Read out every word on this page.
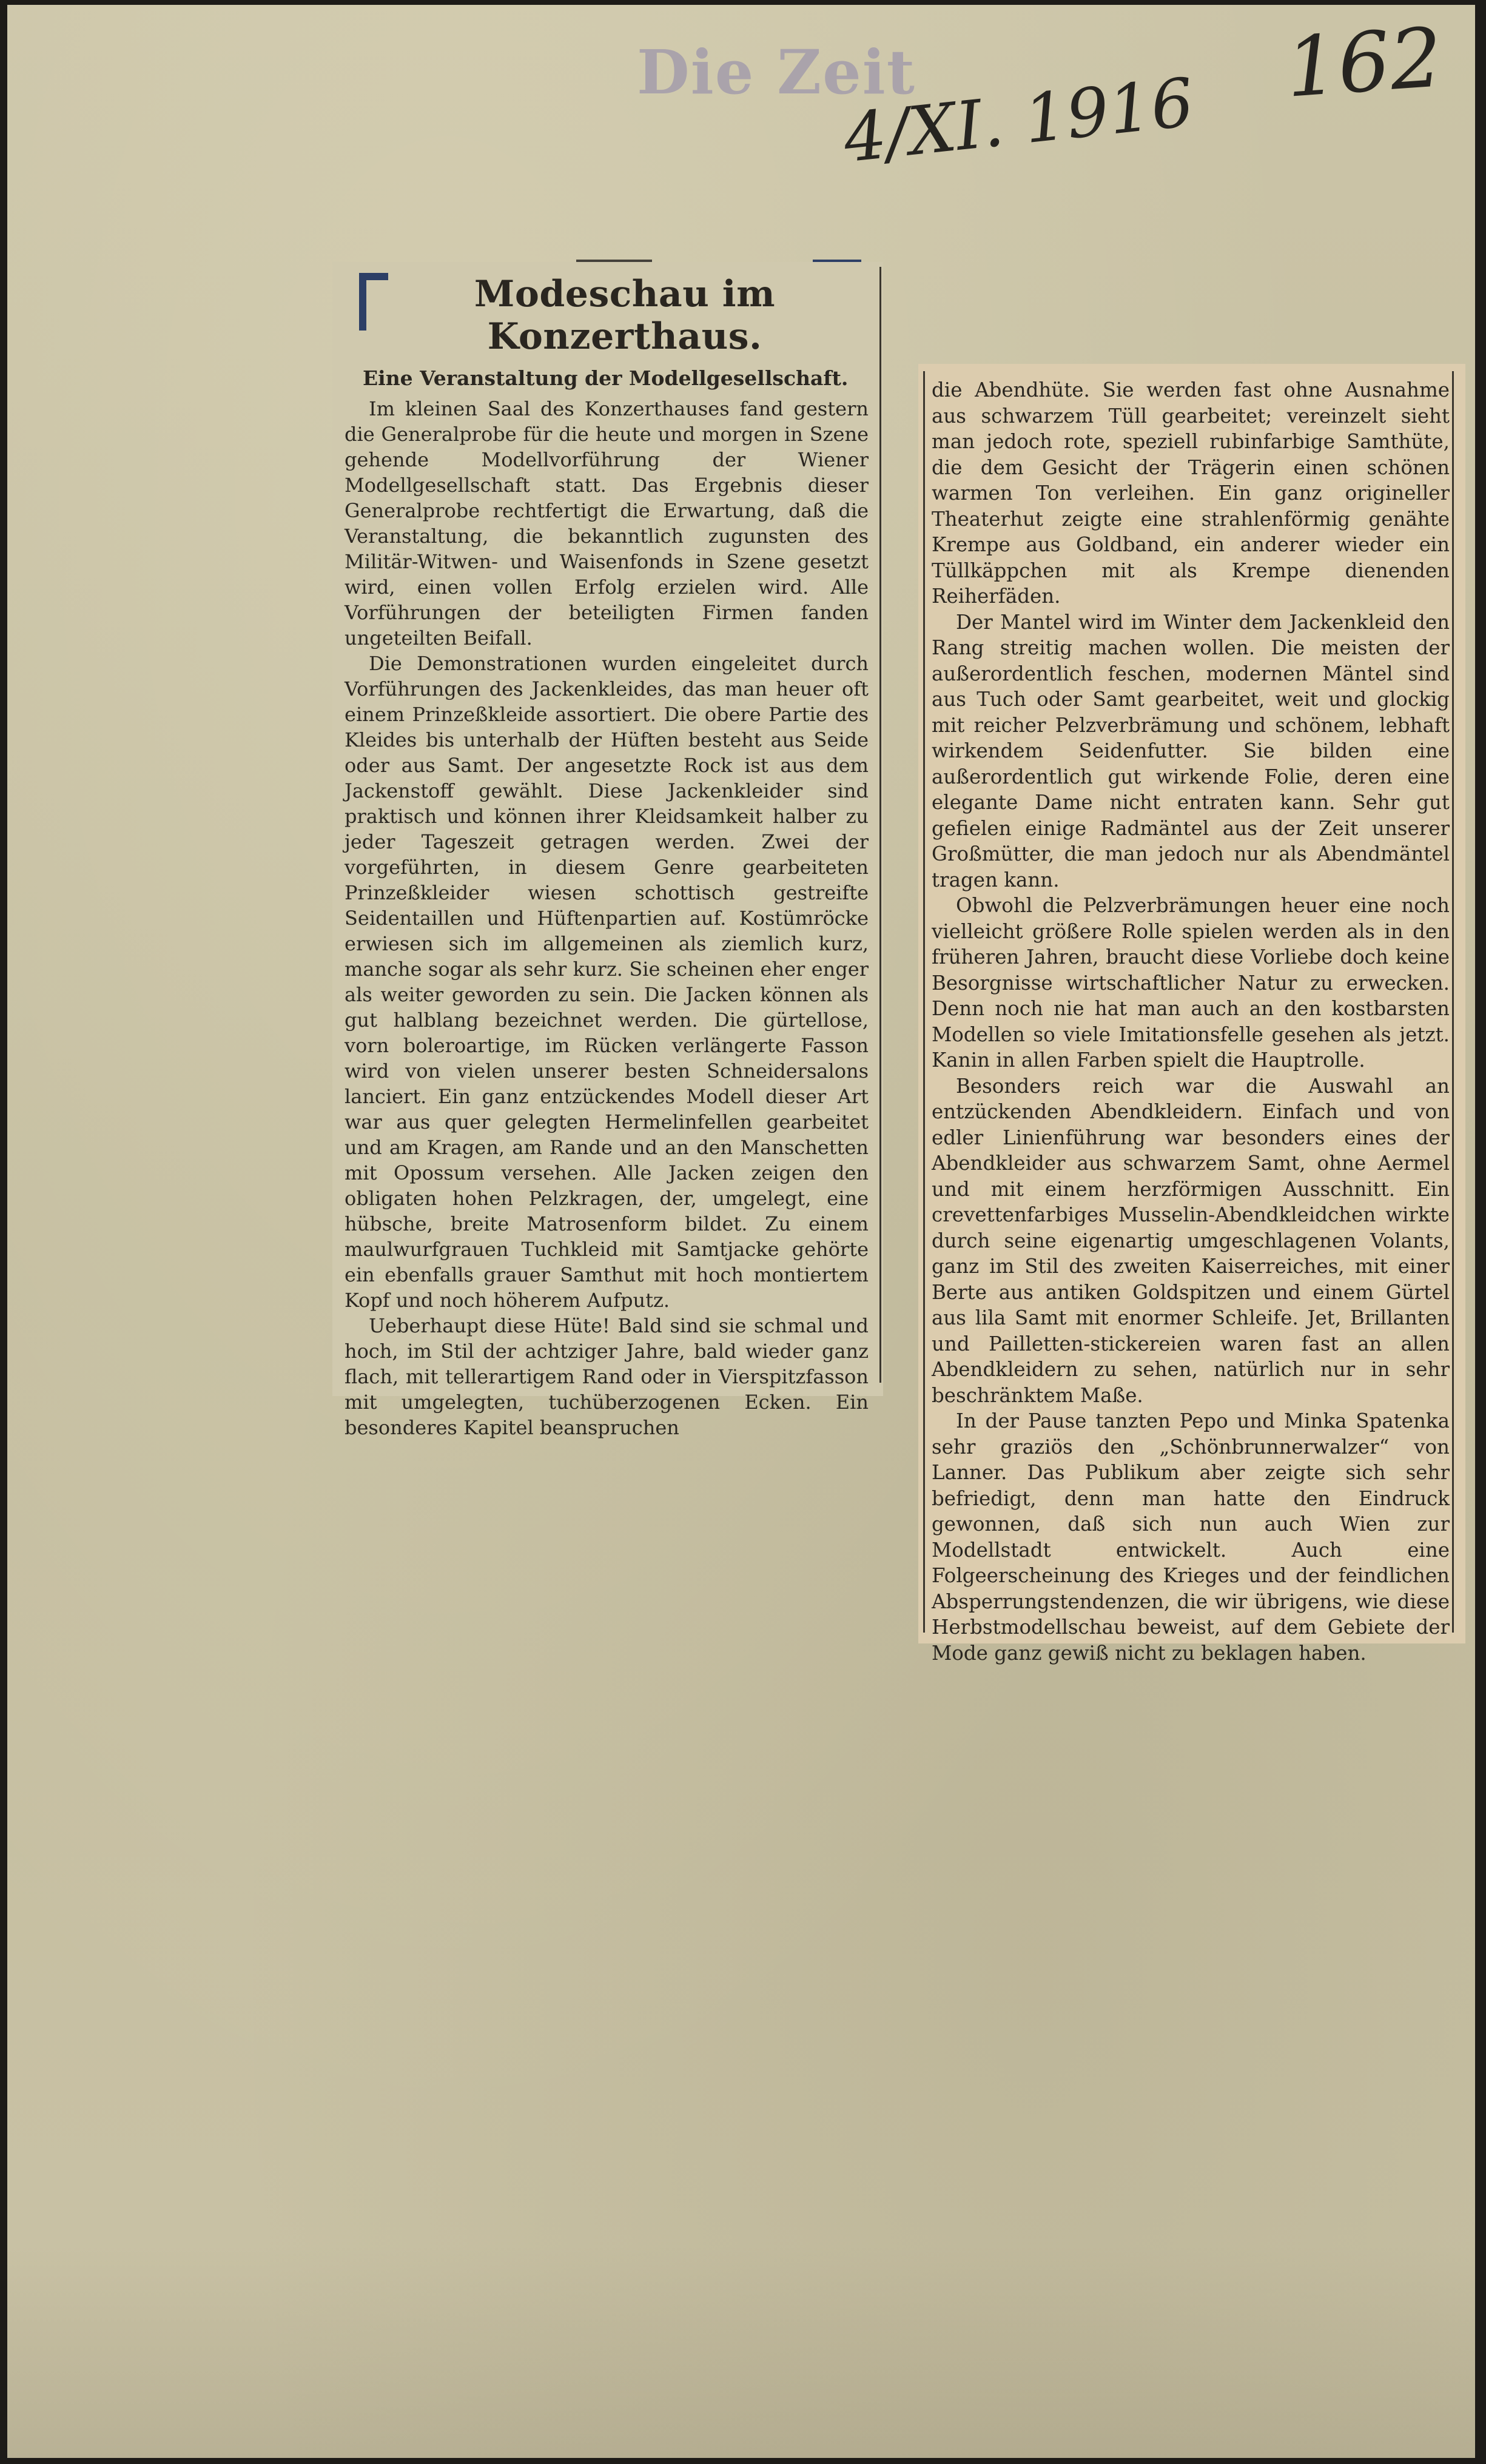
Die Zeit
4/XI. 1916
162
Modeschau im Konzerthaus.
Eine Veranstaltung der Modellgesellschaft.

Im kleinen Saal des Konzerthauses fand gestern die Generalprobe für die heute und morgen in Szene gehende Modellvorführung der Wiener Modellgesellschaft statt. Das Ergebnis dieser Generalprobe rechtfertigt die Erwartung, daß die Veranstaltung, die bekanntlich zugunsten des Militär-Witwen- und Waisenfonds in Szene gesetzt wird, einen vollen Erfolg erzielen wird. Alle Vorführungen der beteiligten Firmen fanden ungeteilten Beifall.

Die Demonstrationen wurden eingeleitet durch Vorführungen des Jackenkleides, das man heuer oft einem Prinzeßkleide assortiert. Die obere Partie des Kleides bis unterhalb der Hüften besteht aus Seide oder aus Samt. Der angesetzte Rock ist aus dem Jackenstoff gewählt. Diese Jackenkleider sind praktisch und können ihrer Kleidsamkeit halber zu jeder Tageszeit getragen werden. Zwei der vorgeführten, in diesem Genre gearbeiteten Prinzeßkleider wiesen schottisch gestreifte Seidentaillen und Hüftenpartien auf. Kostümröcke erwiesen sich im allgemeinen als ziemlich kurz, manche sogar als sehr kurz. Sie scheinen eher enger als weiter geworden zu sein. Die Jacken können als gut halblang bezeichnet werden. Die gürtellose, vorn boleroartige, im Rücken verlängerte Fasson wird von vielen unserer besten Schneidersalons lanciert. Ein ganz entzückendes Modell dieser Art war aus quer gelegten Hermelinfellen gearbeitet und am Kragen, am Rande und an den Manschetten mit Opossum versehen. Alle Jacken zeigen den obligaten hohen Pelzkragen, der, umgelegt, eine hübsche, breite Matrosenform bildet. Zu einem maulwurfgrauen Tuchkleid mit Samtjacke gehörte ein ebenfalls grauer Samthut mit hoch montiertem Kopf und noch höherem Aufputz.

Ueberhaupt diese Hüte! Bald sind sie schmal und hoch, im Stil der achtziger Jahre, bald wieder ganz flach, mit tellerartigem Rand oder in Vierspitzfasson mit umgelegten, tuchüberzogenen Ecken. Ein besonderes Kapitel beanspruchen

die Abendhüte. Sie werden fast ohne Ausnahme aus schwarzem Tüll gearbeitet; vereinzelt sieht man jedoch rote, speziell rubinfarbige Samthüte, die dem Gesicht der Trägerin einen schönen warmen Ton verleihen. Ein ganz origineller Theaterhut zeigte eine strahlenförmig genähte Krempe aus Goldband, ein anderer wieder ein Tüllkäppchen mit als Krempe dienenden Reiherfäden.

Der Mantel wird im Winter dem Jackenkleid den Rang streitig machen wollen. Die meisten der außerordentlich feschen, modernen Mäntel sind aus Tuch oder Samt gearbeitet, weit und glockig mit reicher Pelzverbrämung und schönem, lebhaft wirkendem Seidenfutter. Sie bilden eine außerordentlich gut wirkende Folie, deren eine elegante Dame nicht entraten kann. Sehr gut gefielen einige Radmäntel aus der Zeit unserer Großmütter, die man jedoch nur als Abendmäntel tragen kann.

Obwohl die Pelzverbrämungen heuer eine noch vielleicht größere Rolle spielen werden als in den früheren Jahren, braucht diese Vorliebe doch keine Besorgnisse wirtschaftlicher Natur zu erwecken. Denn noch nie hat man auch an den kostbarsten Modellen so viele Imitationsfelle gesehen als jetzt. Kanin in allen Farben spielt die Hauptrolle.

Besonders reich war die Auswahl an entzückenden Abendkleidern. Einfach und von edler Linienführung war besonders eines der Abendkleider aus schwarzem Samt, ohne Aermel und mit einem herzförmigen Ausschnitt. Ein crevettenfarbiges Musselin-Abendkleidchen wirkte durch seine eigenartig umgeschlagenen Volants, ganz im Stil des zweiten Kaiserreiches, mit einer Berte aus antiken Goldspitzen und einem Gürtel aus lila Samt mit enormer Schleife. Jet, Brillanten und Pailletten-stickereien waren fast an allen Abendkleidern zu sehen, natürlich nur in sehr beschränktem Maße.

In der Pause tanzten Pepo und Minka Spatenka sehr graziös den „Schönbrunnerwalzer“ von Lanner. Das Publikum aber zeigte sich sehr befriedigt, denn man hatte den Eindruck gewonnen, daß sich nun auch Wien zur Modellstadt entwickelt. Auch eine Folgeerscheinung des Krieges und der feindlichen Absperrungstendenzen, die wir übrigens, wie diese Herbstmodellschau beweist, auf dem Gebiete der Mode ganz gewiß nicht zu beklagen haben.
